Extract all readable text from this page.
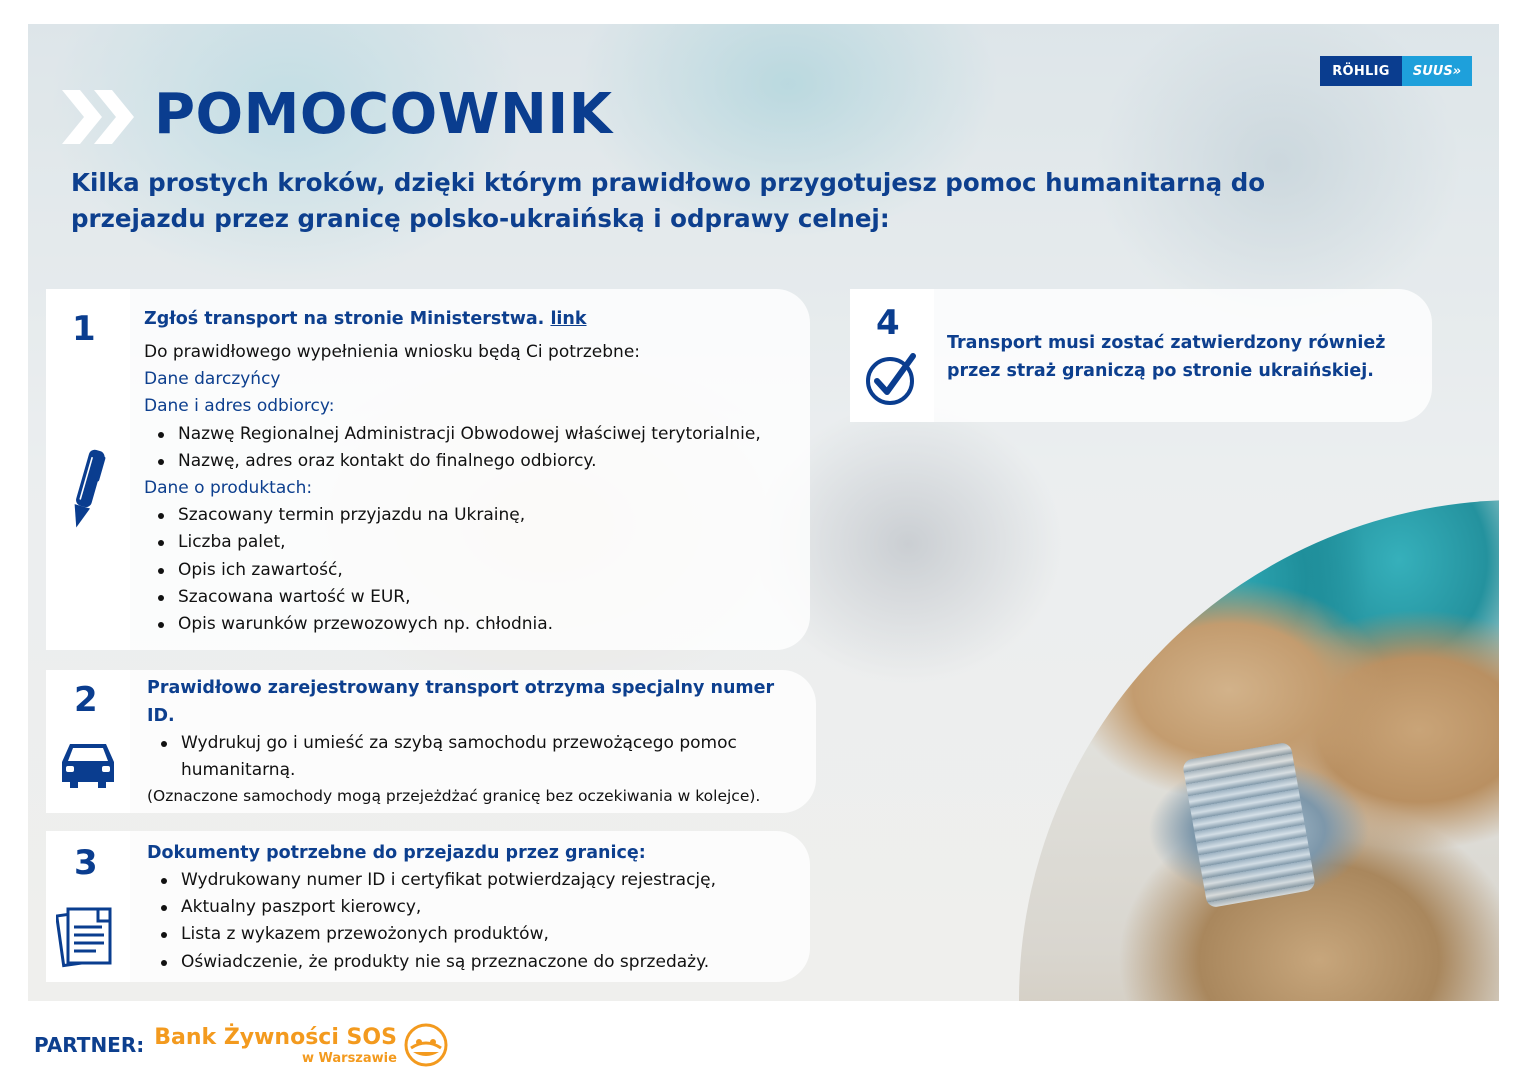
POMOCOWNIK
RÖHLIG	SUUS»
Kilka prostych kroków, dzięki którym prawidłowo przygotujesz pomoc humanitarną do
przejazdu przez granicę polsko-ukraińską i odprawy celnej:
1	Zgłoś transport na stronie Ministerstwa. link
Do prawidłowego wypełnienia wniosku będą Ci potrzebne:
Dane darczyńcy
Dane i adres odbiorcy:
Nazwę Regionalnej Administracji Obwodowej właściwej terytorialnie,
Nazwę, adres oraz kontakt do finalnego odbiorcy.
Dane o produktach:
Szacowany termin przyjazdu na Ukrainę,
Liczba palet,
Opis ich zawartość,
Szacowana wartość w EUR,
Opis warunków przewozowych np. chłodnia.
2	Prawidłowo zarejestrowany transport otrzyma specjalny numer
ID.
Wydrukuj go i umieść za szybą samochodu przewożącego pomoc
humanitarną.
(Oznaczone samochody mogą przejeżdżać granicę bez oczekiwania w kolejce).
3	Dokumenty potrzebne do przejazdu przez granicę:
Wydrukowany numer ID i certyfikat potwierdzający rejestrację,
Aktualny paszport kierowcy,
Lista z wykazem przewożonych produktów,
Oświadczenie, że produkty nie są przeznaczone do sprzedaży.
4	Transport musi zostać zatwierdzony również
przez straż graniczą po stronie ukraińskiej.
PARTNER: Bank Żywności SOS
w Warszawie
